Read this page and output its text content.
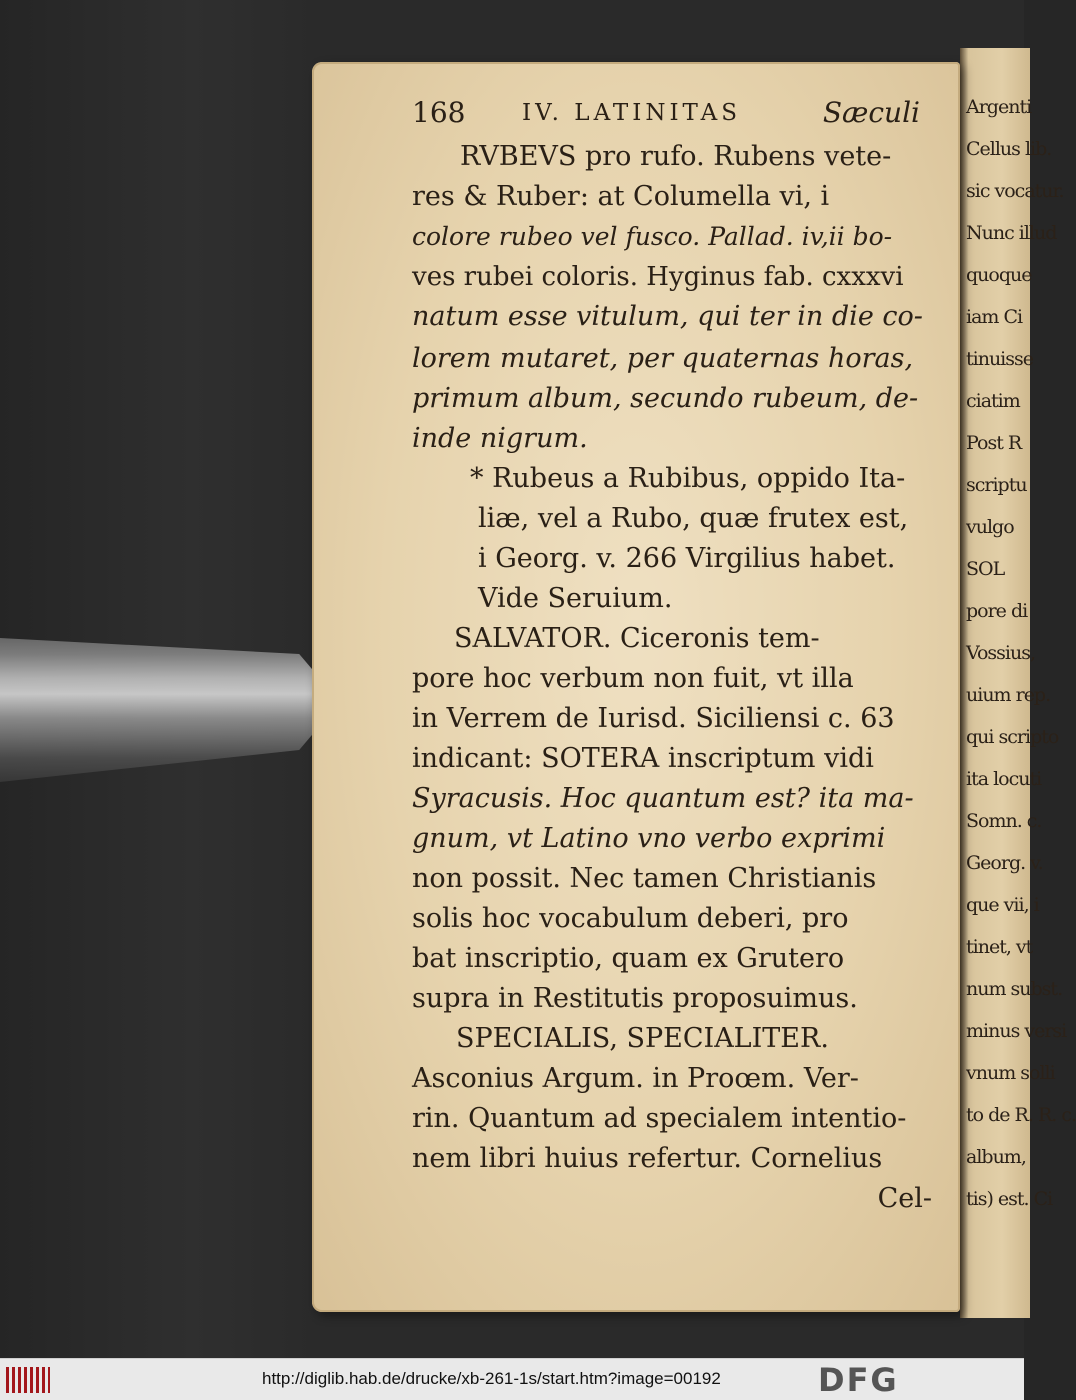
Argenti
Cellus lib.
sic vocatur.
Nunc illud
quoque
iam Ci
tinuisse
ciatim
Post R
scriptu
vulgo
SOL
pore di
Vossius,
uium rep.
qui scripto
ita locuti
Somn. c.
Georg. v.
que vii, i
tinet, vt
num subst.
minus versi
vnum solli
to de R. R. c.
album,
tis) est. Ci
168 IV. LATINITAS	Sæculi
RVBEVS pro rufo. Rubens vete-
res & Ruber: at Columella vi, i
colore rubeo vel fusco. Pallad. iv,ii bo-
ves rubei coloris. Hyginus fab. cxxxvi
natum esse vitulum, qui ter in die co-
lorem mutaret, per quaternas horas,
primum album, secundo rubeum, de-
inde nigrum.
* Rubeus a Rubibus, oppido Ita-
liæ, vel a Rubo, quæ frutex est,
i Georg. v. 266 Virgilius habet.
Vide Seruium.
SALVATOR. Ciceronis tem-
pore hoc verbum non fuit, vt illa
in Verrem de Iurisd. Siciliensi c. 63
indicant: SOTERA inscriptum vidi
Syracusis. Hoc quantum est? ita ma-
gnum, vt Latino vno verbo exprimi
non possit. Nec tamen Christianis
solis hoc vocabulum deberi, pro
bat inscriptio, quam ex Grutero
supra in Restitutis proposuimus.
SPECIALIS, SPECIALITER.
Asconius Argum. in Proœm. Ver-
rin. Quantum ad specialem intentio-
nem libri huius refertur. Cornelius
Cel-
http://diglib.hab.de/drucke/xb-261-1s/start.htm?image=00192	DFG
